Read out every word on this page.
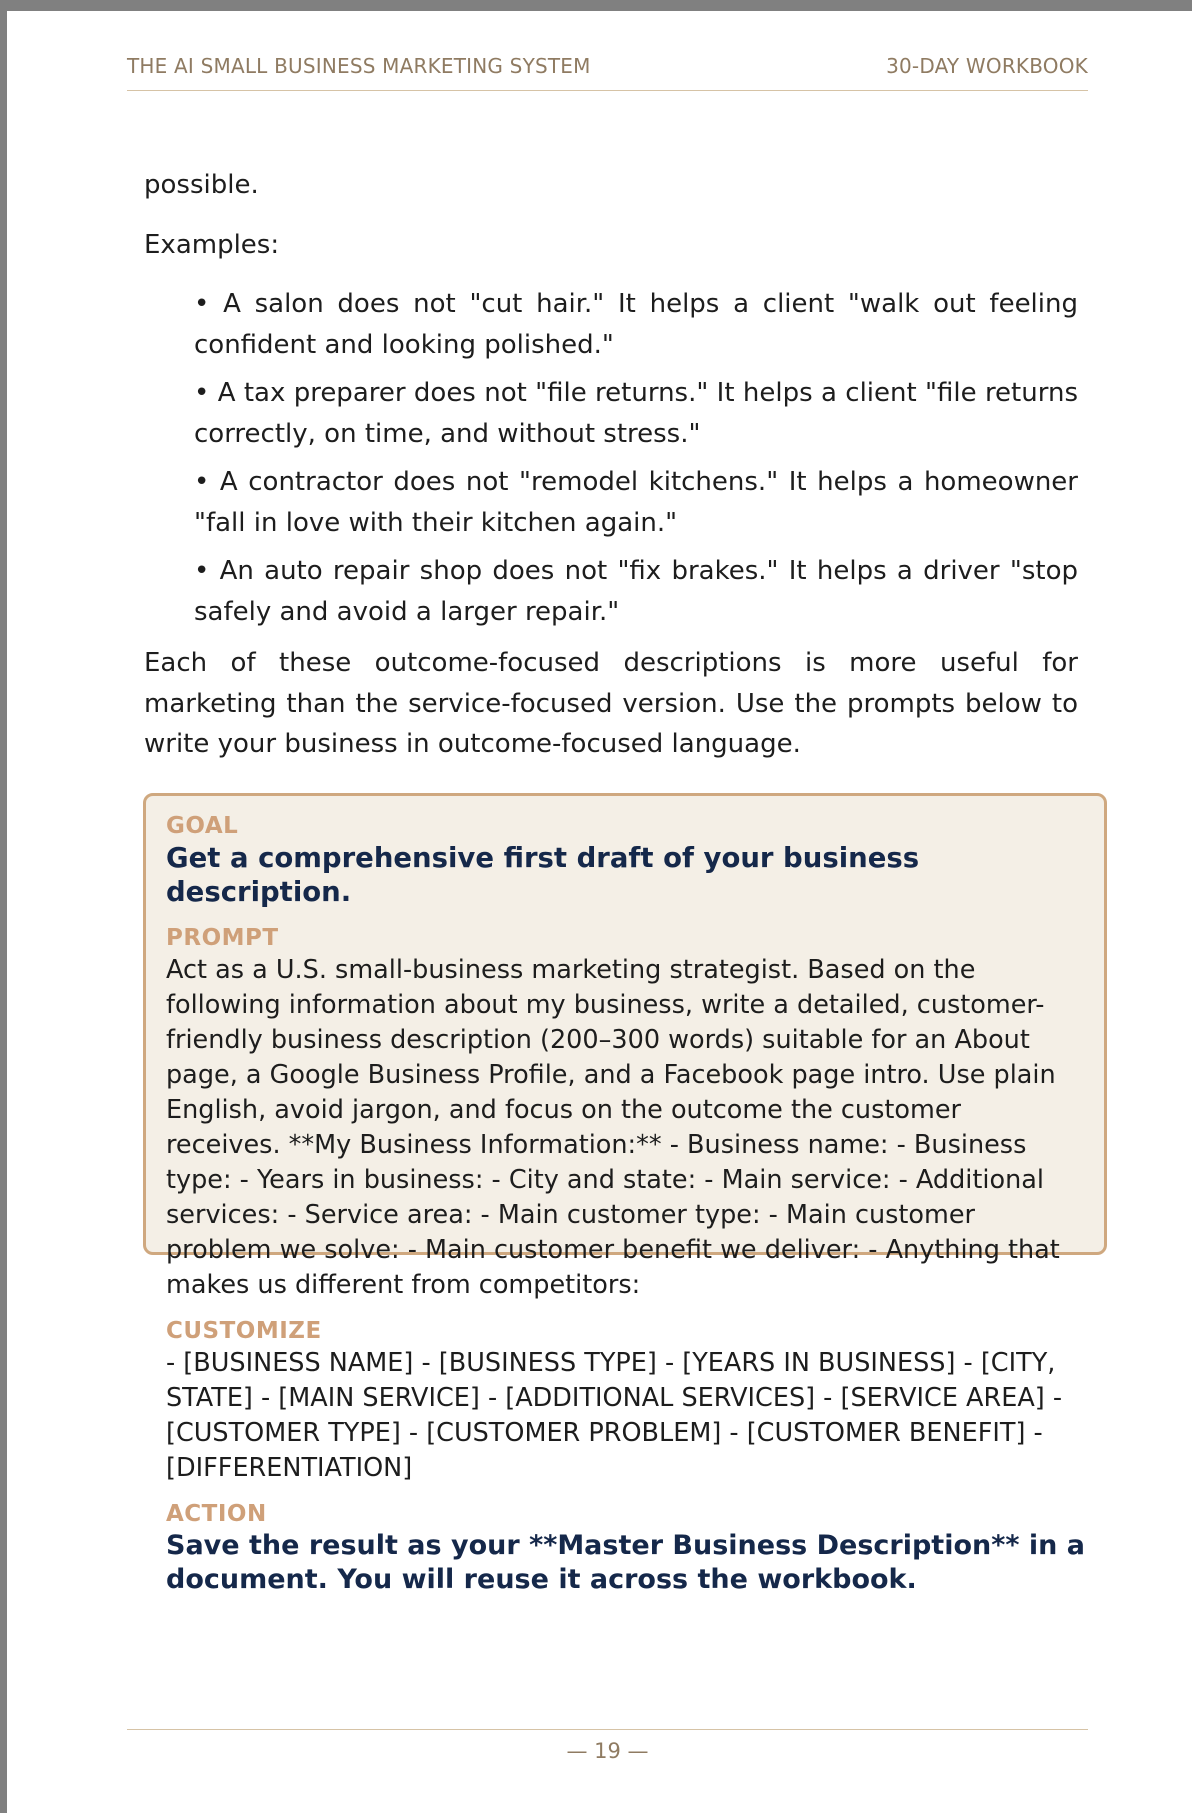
THE AI SMALL BUSINESS MARKETING SYSTEM	30-DAY WORKBOOK

possible.

Examples:

• A salon does not "cut hair." It helps a client "walk out feeling confident and looking polished."
• A tax preparer does not "file returns." It helps a client "file returns correctly, on time, and without stress."
• A contractor does not "remodel kitchens." It helps a homeowner "fall in love with their kitchen again."
• An auto repair shop does not "fix brakes." It helps a driver "stop safely and avoid a larger repair."

Each of these outcome-focused descriptions is more useful for marketing than the service-focused version. Use the prompts below to write your business in outcome-focused language.

GOAL
Get a comprehensive first draft of your business description.
PROMPT
Act as a U.S. small-business marketing strategist. Based on the following information about my business, write a detailed, customer-friendly business description (200–300 words) suitable for an About page, a Google Business Profile, and a Facebook page intro. Use plain English, avoid jargon, and focus on the outcome the customer receives. **My Business Information:** - Business name: - Business type: - Years in business: - City and state: - Main service: - Additional services: - Service area: - Main customer type: - Main customer problem we solve: - Main customer benefit we deliver: - Anything that makes us different from competitors:
CUSTOMIZE
- [BUSINESS NAME] - [BUSINESS TYPE] - [YEARS IN BUSINESS] - [CITY, STATE] - [MAIN SERVICE] - [ADDITIONAL SERVICES] - [SERVICE AREA] - [CUSTOMER TYPE] - [CUSTOMER PROBLEM] - [CUSTOMER BENEFIT] - [DIFFERENTIATION]
ACTION
Save the result as your **Master Business Description** in a document. You will reuse it across the workbook.
— 19 —
